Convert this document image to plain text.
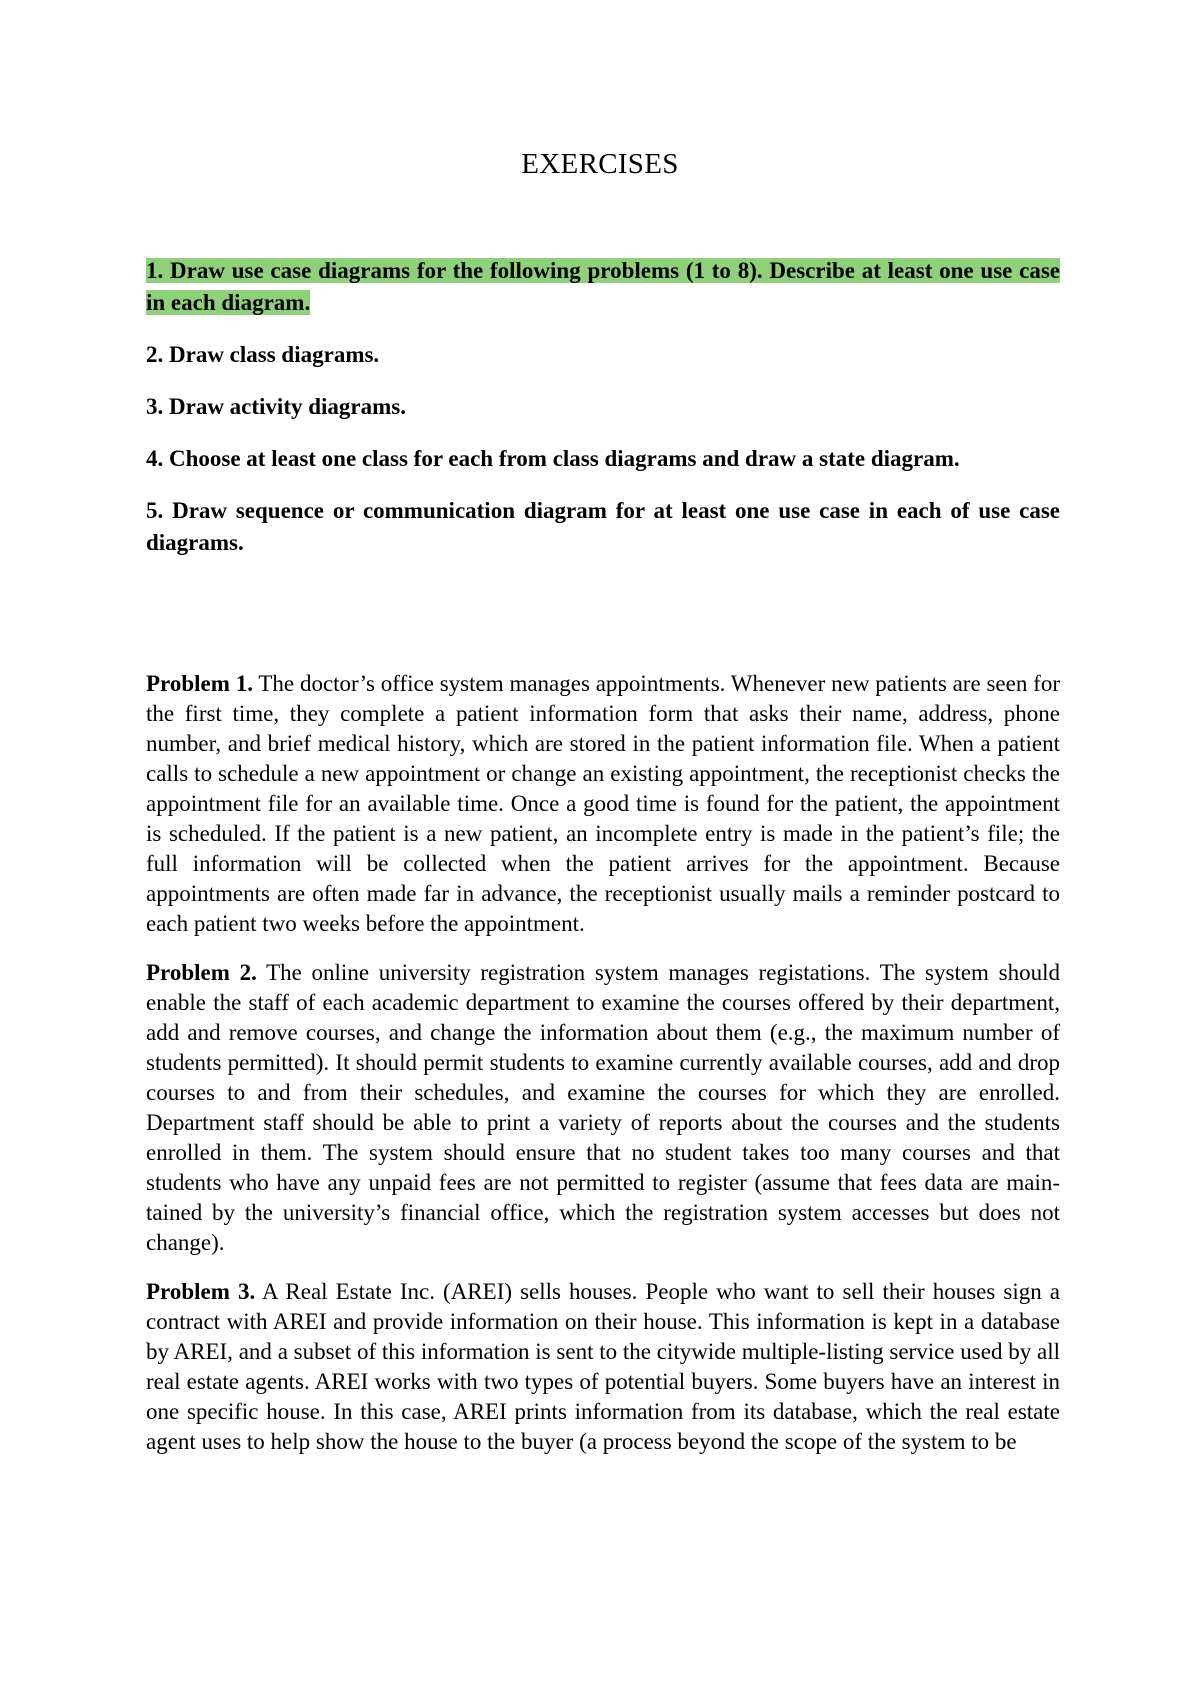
EXERCISES

1. Draw use case diagrams for the following problems (1 to 8). Describe at least one use case in each diagram.

2. Draw class diagrams.

3. Draw activity diagrams.

4. Choose at least one class for each from class diagrams and draw a state diagram.

5. Draw sequence or communication diagram for at least one use case in each of use case diagrams.

Problem 1. The doctor’s office system manages appointments. Whenever new patients are seen for the first time, they complete a patient information form that asks their name, address, phone number, and brief medical history, which are stored in the patient information file. When a patient calls to schedule a new appointment or change an existing appointment, the receptionist checks the appointment file for an available time. Once a good time is found for the patient, the appointment is scheduled. If the patient is a new patient, an incomplete entry is made in the patient’s file; the full information will be collected when the patient arrives for the appointment. Because appointments are often made far in advance, the receptionist usually mails a reminder postcard to each patient two weeks before the appointment.

Problem 2. The online university registration system manages registations. The system should enable the staff of each academic department to examine the courses offered by their department, add and remove courses, and change the information about them (e.g., the maximum number of students permitted). It should permit students to examine currently available courses, add and drop courses to and from their schedules, and examine the courses for which they are enrolled. Department staff should be able to print a variety of reports about the courses and the students enrolled in them. The system should ensure that no student takes too many courses and that students who have any unpaid fees are not permitted to register (assume that fees data are main- tained by the university’s financial office, which the registration system accesses but does not change).

Problem 3. A Real Estate Inc. (AREI) sells houses. People who want to sell their houses sign a contract with AREI and provide information on their house. This information is kept in a database by AREI, and a subset of this information is sent to the citywide multiple-listing service used by all real estate agents. AREI works with two types of potential buyers. Some buyers have an interest in one specific house. In this case, AREI prints information from its database, which the real estate agent uses to help show the house to the buyer (a process beyond the scope of the system to be
